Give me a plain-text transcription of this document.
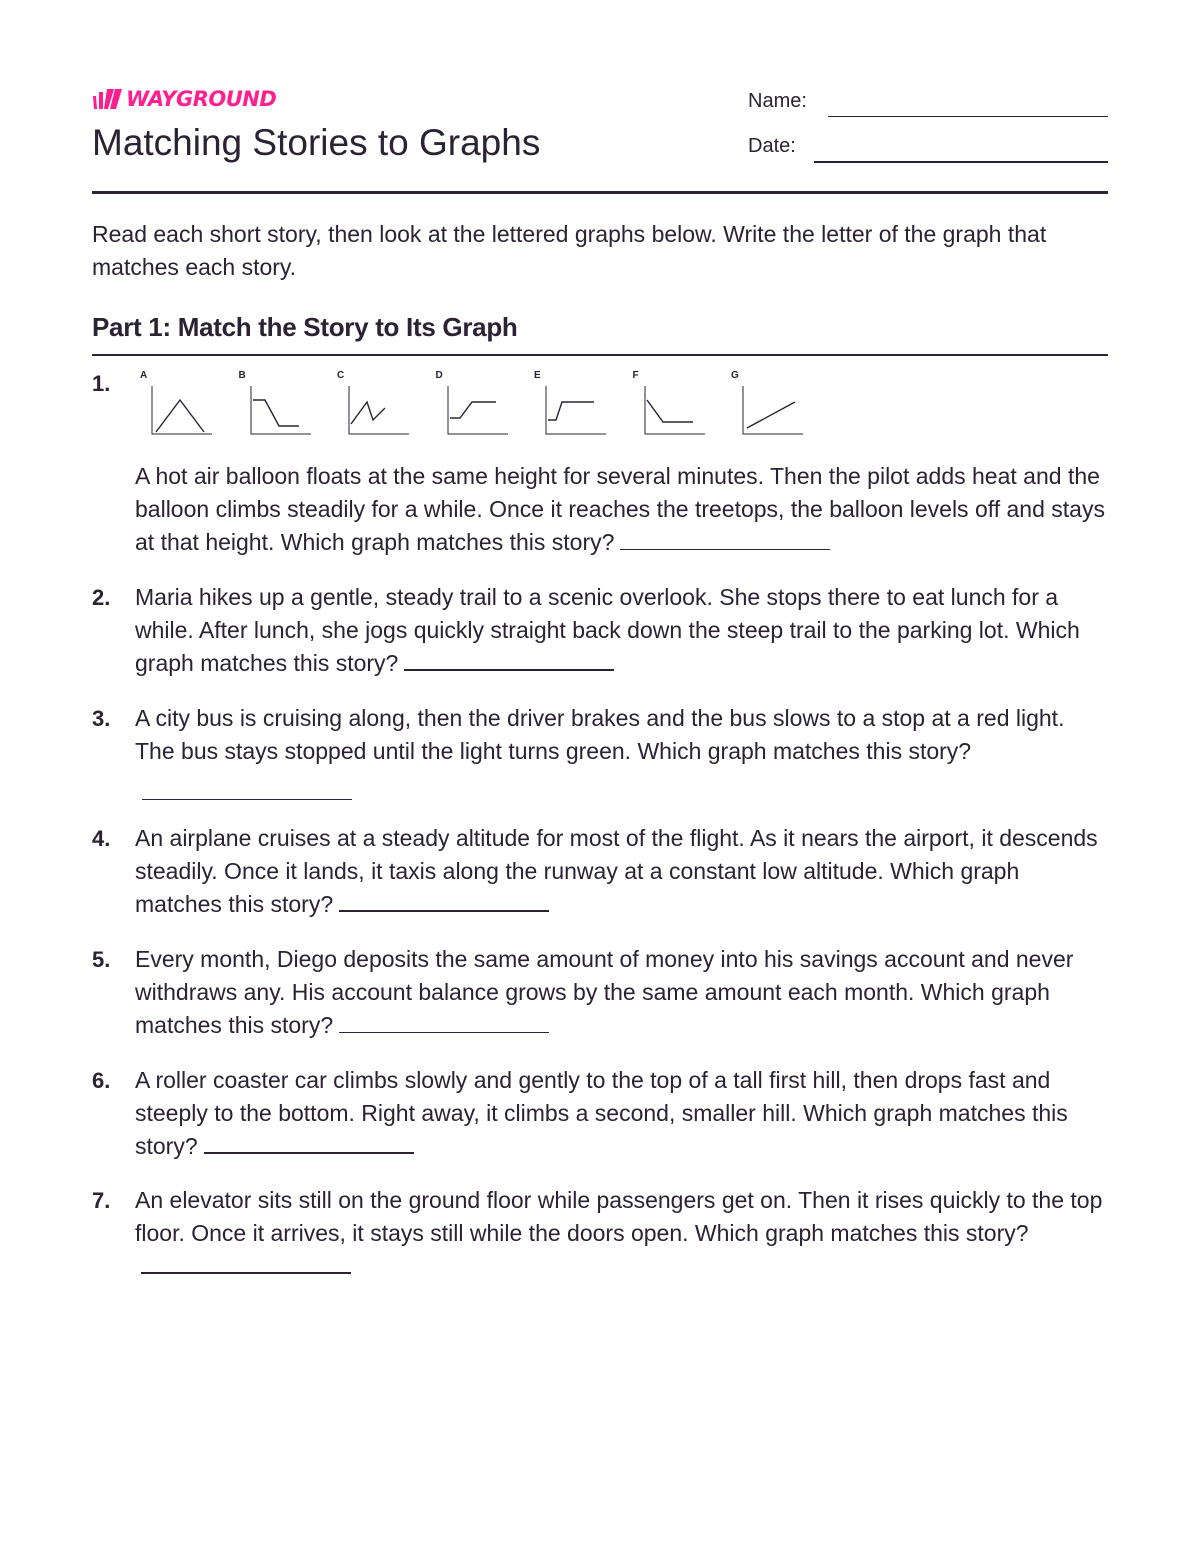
WAYGROUND
Matching Stories to Graphs
Name:
Date:
Read each short story, then look at the lettered graphs below. Write the letter of the graph that matches each story.
Part 1: Match the Story to Its Graph
1.	A	B	C	D	E	F	G
A hot air balloon floats at the same height for several minutes. Then the pilot adds heat and the balloon climbs steadily for a while. Once it reaches the treetops, the balloon levels off and stays at that height. Which graph matches this story?
2. Maria hikes up a gentle, steady trail to a scenic overlook. She stops there to eat lunch for a while. After lunch, she jogs quickly straight back down the steep trail to the parking lot. Which graph matches this story?
3. A city bus is cruising along, then the driver brakes and the bus slows to a stop at a red light. The bus stays stopped until the light turns green. Which graph matches this story?
4. An airplane cruises at a steady altitude for most of the flight. As it nears the airport, it descends steadily. Once it lands, it taxis along the runway at a constant low altitude. Which graph matches this story?
5. Every month, Diego deposits the same amount of money into his savings account and never withdraws any. His account balance grows by the same amount each month. Which graph matches this story?
6. A roller coaster car climbs slowly and gently to the top of a tall first hill, then drops fast and steeply to the bottom. Right away, it climbs a second, smaller hill. Which graph matches this story?
7. An elevator sits still on the ground floor while passengers get on. Then it rises quickly to the top floor. Once it arrives, it stays still while the doors open. Which graph matches this story?
